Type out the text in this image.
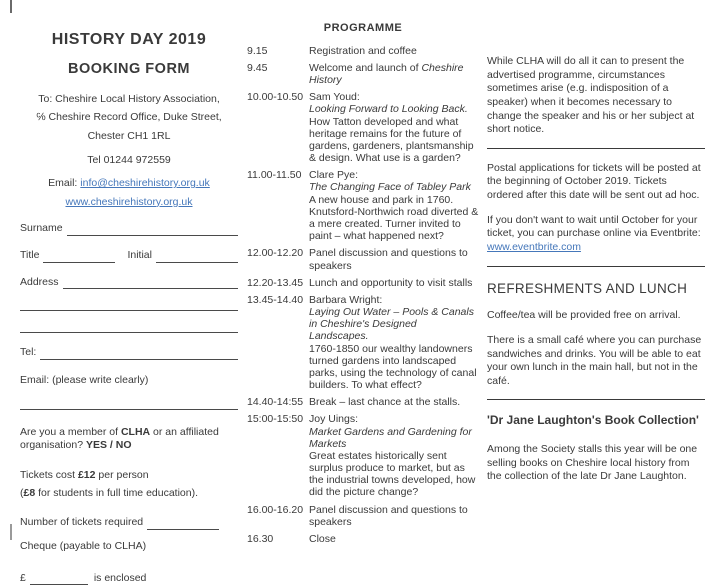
HISTORY DAY 2019
BOOKING FORM
To: Cheshire Local History Association,
℅ Cheshire Record Office, Duke Street,
Chester CH1 1RL
Tel 01244 972559
Email: info@cheshirehistory.org.uk
www.cheshirehistory.org.uk
Surname
Title	Initial
Address
Tel:
Email: (please write clearly)

Are you a member of CLHA or an affiliated organisation? YES / NO

Tickets cost £12 per person

(£8 for students in full time education).

Number of tickets required

Cheque (payable to CLHA)

£	is enclosed
PROGRAMME
9.15	Registration and coffee
9.45	Welcome and launch of Cheshire History
10.00-10.50 Sam Youd:
Looking Forward to Looking Back.
How Tatton developed and what heritage remains for the future of gardens, gardeners, plantsmanship & design. What use is a garden?
11.00-11.50 Clare Pye:
The Changing Face of Tabley Park
A new house and park in 1760. Knutsford-Northwich road diverted & a mere created. Turner invited to paint – what happened next?
12.00-12.20 Panel discussion and questions to speakers
12.20-13.45 Lunch and opportunity to visit stalls
13.45-14.40 Barbara Wright:
Laying Out Water – Pools & Canals in Cheshire's Designed Landscapes.
1760-1850 our wealthy landowners turned gardens into landscaped parks, using the technology of canal builders. To what effect?
14.40-14:55 Break – last chance at the stalls.
15:00-15:50 Joy Uings:
Market Gardens and Gardening for Markets
Great estates historically sent surplus produce to market, but as the industrial towns developed, how did the picture change?
16.00-16.20 Panel discussion and questions to speakers
16.30	Close

While CLHA will do all it can to present the advertised programme, circumstances sometimes arise (e.g. indisposition of a speaker) when it becomes necessary to change the speaker and his or her subject at short notice.

Postal applications for tickets will be posted at the beginning of October 2019. Tickets ordered after this date will be sent out ad hoc.

If you don't want to wait until October for your ticket, you can purchase online via Eventbrite:
www.eventbrite.com

REFRESHMENTS AND LUNCH

Coffee/tea will be provided free on arrival.

There is a small café where you can purchase sandwiches and drinks. You will be able to eat your own lunch in the main hall, but not in the café.

'Dr Jane Laughton's Book Collection'

Among the Society stalls this year will be one selling books on Cheshire local history from the collection of the late Dr Jane Laughton.
